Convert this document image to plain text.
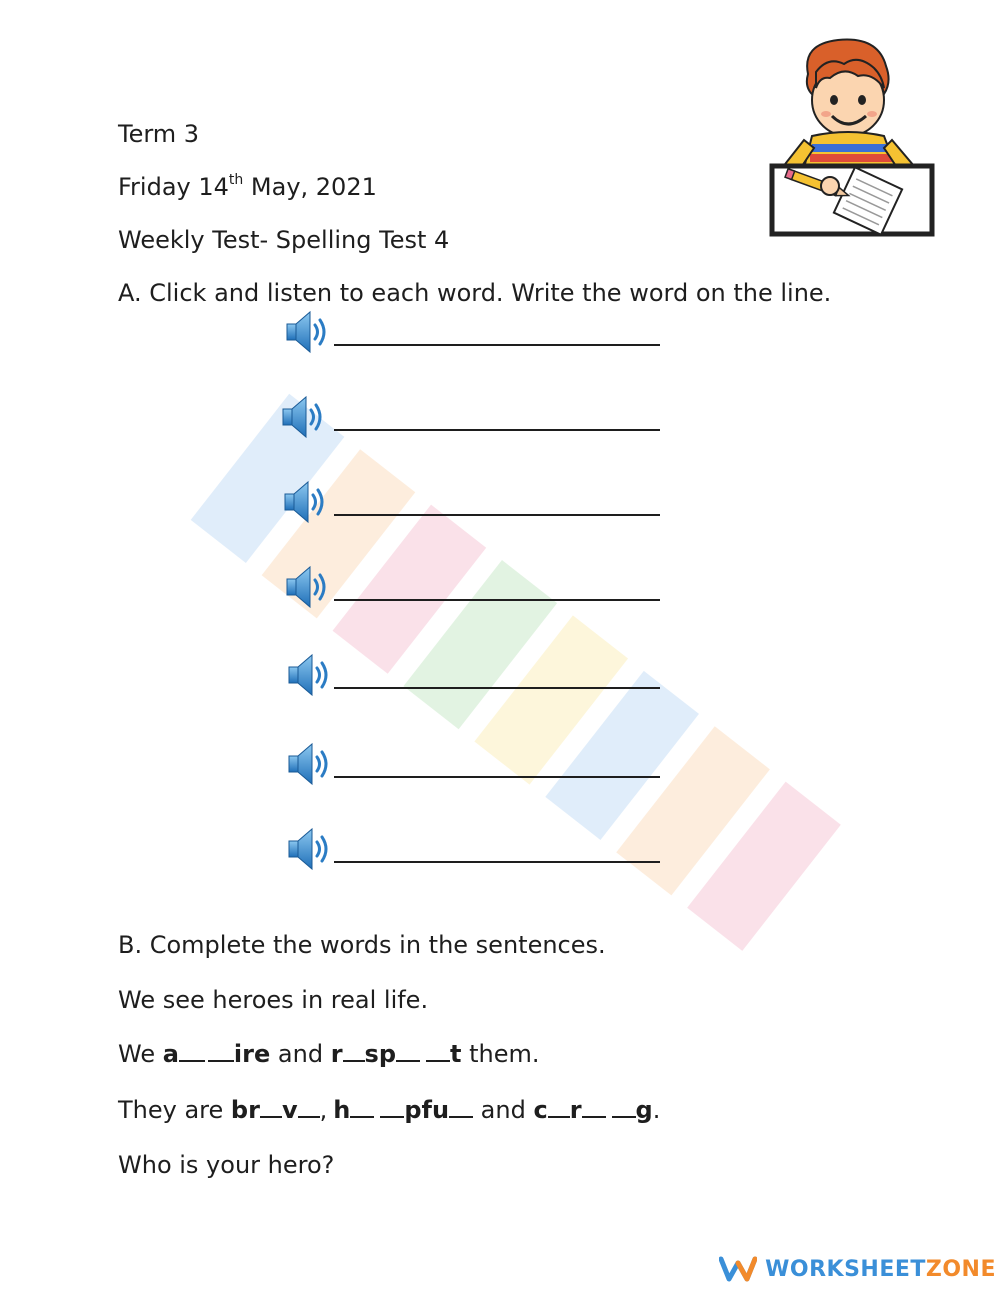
Term 3
Friday 14th May, 2021
Weekly Test- Spelling Test 4
A. Click and listen to each word. Write the word on the line.
B. Complete the words in the sentences.
We see heroes in real life.
We a ire and r sp t them.
They are br v , h pfu and c r g.
Who is your hero?
WORKSHEETZONE
